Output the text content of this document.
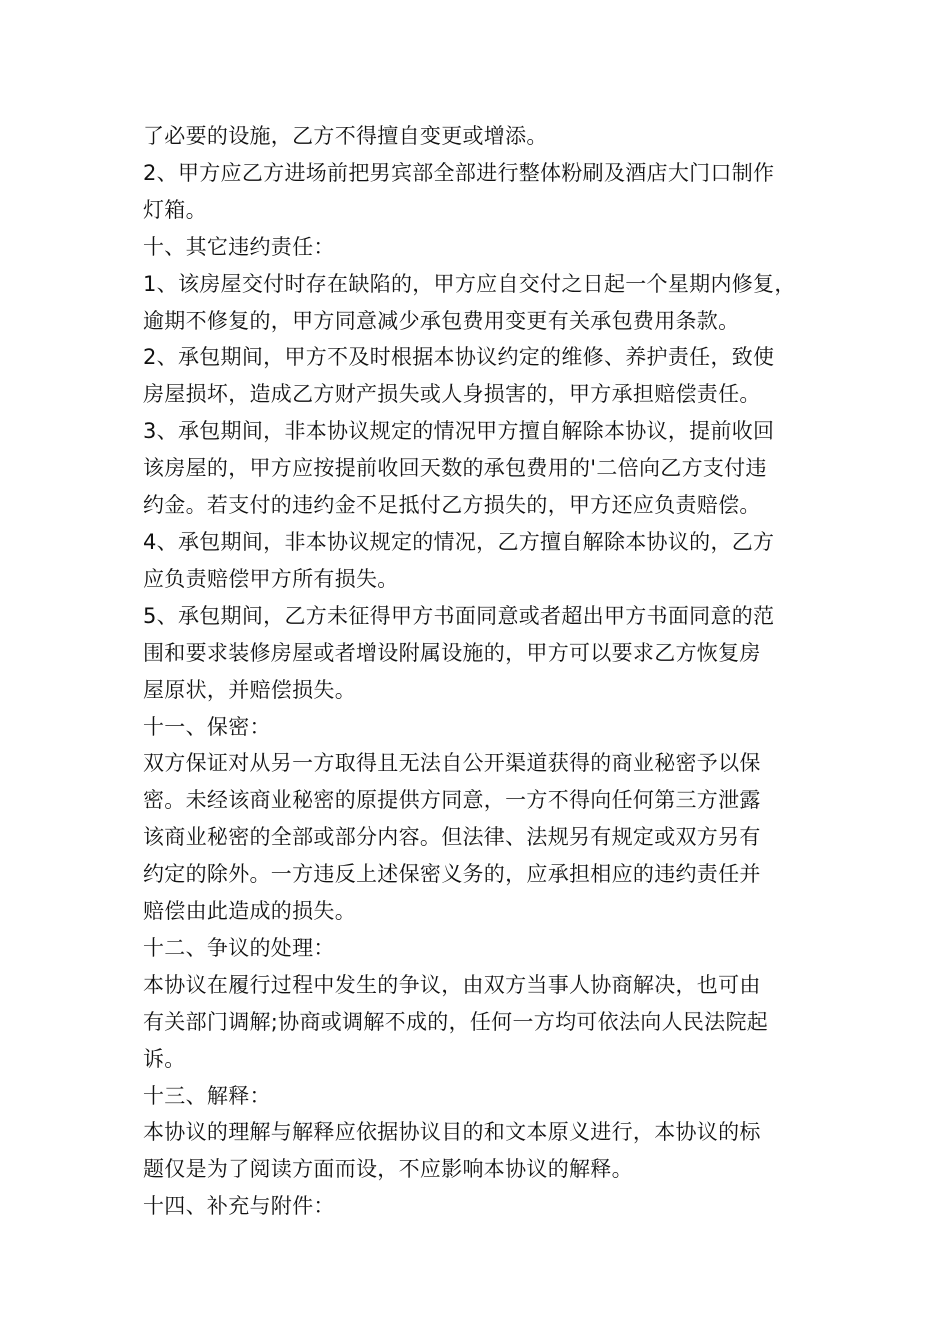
了必要的设施，乙方不得擅自变更或增添。

2、甲方应乙方进场前把男宾部全部进行整体粉刷及酒店大门口制作
灯箱。

十、其它违约责任：

1、该房屋交付时存在缺陷的，甲方应自交付之日起一个星期内修复，
逾期不修复的，甲方同意减少承包费用变更有关承包费用条款。

2、承包期间，甲方不及时根据本协议约定的维修、养护责任，致使
房屋损坏，造成乙方财产损失或人身损害的，甲方承担赔偿责任。

3、承包期间，非本协议规定的情况甲方擅自解除本协议，提前收回
该房屋的，甲方应按提前收回天数的承包费用的'二倍向乙方支付违
约金。若支付的违约金不足抵付乙方损失的，甲方还应负责赔偿。

4、承包期间，非本协议规定的情况，乙方擅自解除本协议的，乙方
应负责赔偿甲方所有损失。

5、承包期间，乙方未征得甲方书面同意或者超出甲方书面同意的范
围和要求装修房屋或者增设附属设施的，甲方可以要求乙方恢复房
屋原状，并赔偿损失。

十一、保密：

双方保证对从另一方取得且无法自公开渠道获得的商业秘密予以保
密。未经该商业秘密的原提供方同意，一方不得向任何第三方泄露
该商业秘密的全部或部分内容。但法律、法规另有规定或双方另有
约定的除外。一方违反上述保密义务的，应承担相应的违约责任并
赔偿由此造成的损失。

十二、争议的处理：

本协议在履行过程中发生的争议，由双方当事人协商解决，也可由
有关部门调解;协商或调解不成的，任何一方均可依法向人民法院起
诉。

十三、解释：

本协议的理解与解释应依据协议目的和文本原义进行，本协议的标
题仅是为了阅读方面而设，不应影响本协议的解释。

十四、补充与附件：
